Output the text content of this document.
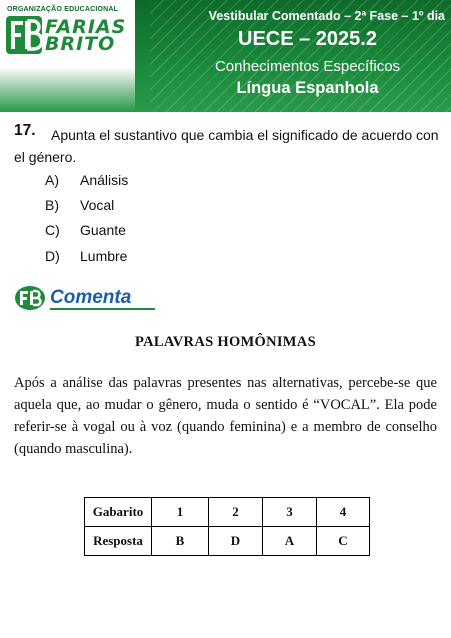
ORGANIZAÇÃO EDUCACIONAL
FARIAS
BRITO
Vestibular Comentado – 2ª Fase – 1º dia
UECE – 2025.2
Conhecimentos Específicos
Língua Espanhola
17.	Apunta el sustantivo que cambia el significado de acuerdo con el género.
A) Análisis
B) Vocal
C) Guante
D) Lumbre
Comenta
PALAVRAS HOMÔNIMAS
Após a análise das palavras presentes nas alternativas, percebe-se que aquela que, ao mudar o gênero, muda o sentido é “VOCAL”. Ela pode referir-se à vogal ou à voz (quando feminina) e a membro de conselho (quando masculina).
Gabarito	1	2	3	4
Resposta	B	D	A	C
